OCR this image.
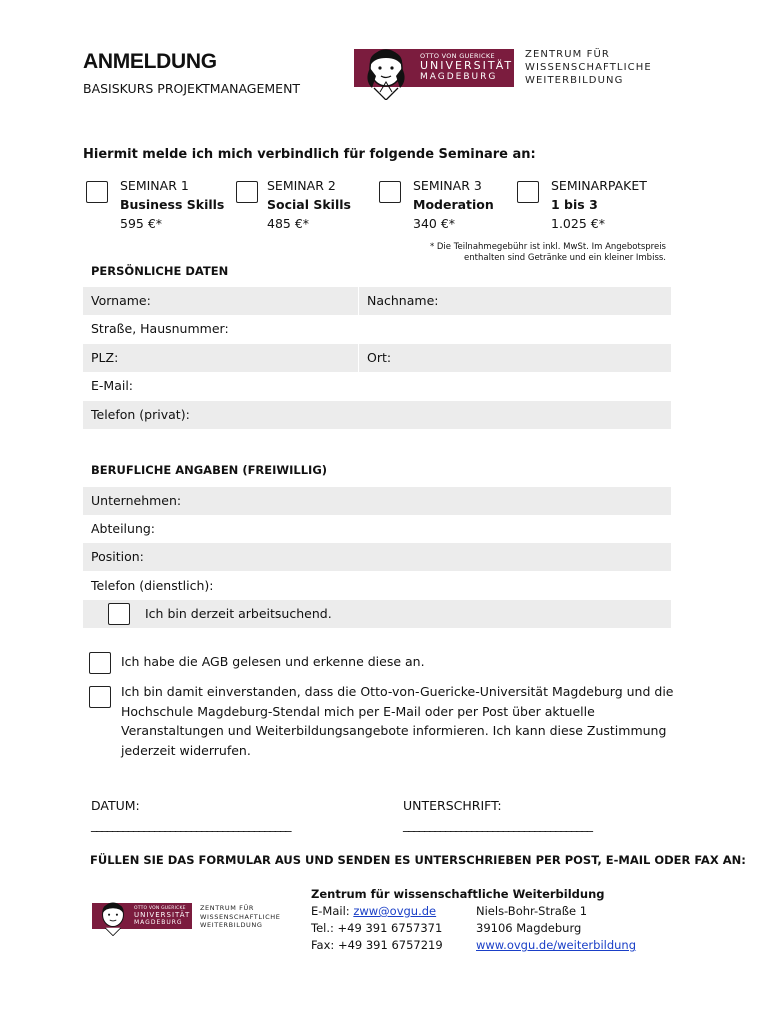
ANMELDUNG
BASISKURS PROJEKTMANAGEMENT
OTTO VON GUERICKE
UNIVERSITÄT
MAGDEBURG
ZENTRUM FÜR
WISSENSCHAFTLICHE
WEITERBILDUNG
Hiermit melde ich mich verbindlich für folgende Seminare an:
SEMINAR 1
Business Skills
595 €*
SEMINAR 2
Social Skills
485 €*
SEMINAR 3
Moderation
340 €*
SEMINARPAKET
1 bis 3
1.025 €*
* Die Teilnahmegebühr ist inkl. MwSt. Im Angebotspreis
enthalten sind Getränke und ein kleiner Imbiss.
PERSÖNLICHE DATEN
Vorname:	Nachname:
Straße, Hausnummer:
PLZ:	Ort:
E-Mail:
Telefon (privat):
BERUFLICHE ANGABEN (FREIWILLIG)
Unternehmen:
Abteilung:
Position:
Telefon (dienstlich):
Ich bin derzeit arbeitsuchend.
Ich habe die AGB gelesen und erkenne diese an.
Ich bin damit einverstanden, dass die Otto-von-Guericke-Universität Magdeburg und die
Hochschule Magdeburg-Stendal mich per E-Mail oder per Post über aktuelle
Veranstaltungen und Weiterbildungsangebote informieren. Ich kann diese Zustimmung
jederzeit widerrufen.
DATUM:	UNTERSCHRIFT:
______________________________________	____________________________________
FÜLLEN SIE DAS FORMULAR AUS UND SENDEN ES UNTERSCHRIEBEN PER POST, E-MAIL ODER FAX AN:
OTTO VON GUERICKE
UNIVERSITÄT
MAGDEBURG
ZENTRUM FÜR
WISSENSCHAFTLICHE
WEITERBILDUNG
Zentrum für wissenschaftliche Weiterbildung
E-Mail: zww@ovgu.de
Tel.: +49 391 6757371
Fax: +49 391 6757219
Niels-Bohr-Straße 1
39106 Magdeburg
www.ovgu.de/weiterbildung
